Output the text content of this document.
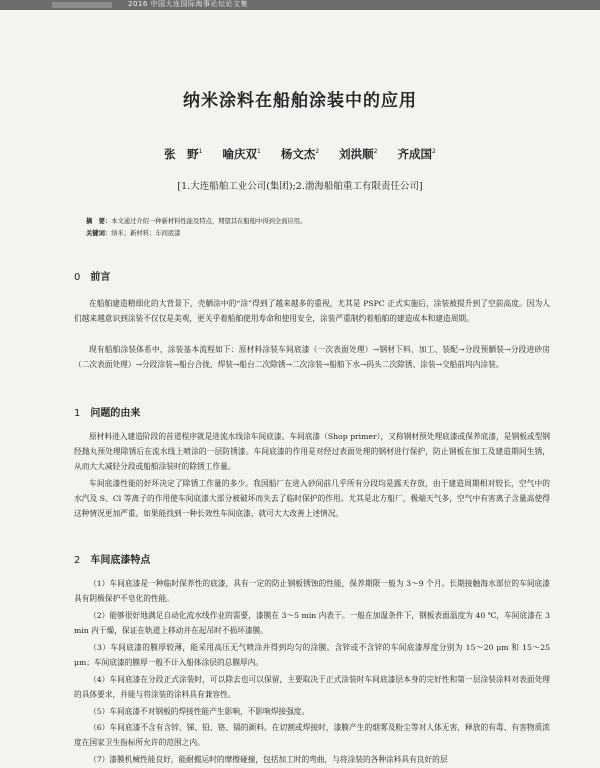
2016 中国大连国际海事论坛论文集
纳米涂料在船舶涂装中的应用
张　野$^1$ 喻庆双$^1$ 杨文杰$^2$ 刘洪顺$^2$ 齐成国$^2$
[1.大连船舶工业公司(集团);2.渤海船舶重工有限责任公司]
摘　要：本文通过介绍一种新材料性能及特点，期望其在船舶中得到全面应用。
关键词：纳米；新材料；车间底漆
0 前言
在船舶建造精细化的大背景下，壳舾涂中的“涂”得到了越来越多的重视，尤其是 PSPC 正式实施后，涂装被提升到了空前高度。因为人们越来越意识到涂装不仅仅是美观，更关乎着船舶使用寿命和使用安全，涂装严重制约着船舶的建造成本和建造周期。
现有船舶涂装体系中，涂装基本流程如下：原材料涂装车间底漆（一次表面处理）→钢材下料、加工、装配→分段预舾装→分段进砂房（二次表面处理）→分段涂装→船台合拢、焊装→船台二次除锈→二次涂装→船舶下水→码头二次除锈、涂装→交船前坞内涂装。
1 问题的由来
原材料进入建造阶段的首道程序就是进流水线涂车间底漆。车间底漆（Shop primer），又称钢材预处理底漆或保养底漆，是钢板或型钢经抛丸预处理除锈后在流水线上喷涂的一层防锈漆。车间底漆的作用是对经过表面处理的钢材进行保护，防止钢板在加工及建造期间生锈，从而大大减轻分段或船舶涂装时的除锈工作量。
车间底漆性能的好坏决定了除锈工作量的多少。我国船厂在进入砂间前几乎所有分段均是露天存放，由于建造周期相对较长，空气中的水汽及 S、Cl 等离子的作用使车间底漆大部分被破坏而失去了临时保护的作用。尤其是北方船厂，极端天气多，空气中有害离子含量高使得这种情况更加严重。如果能找到一种长效性车间底漆，就可大大改善上述情况。
2 车间底漆特点
（1）车间底漆是一种临时保养性的底漆，具有一定的防止钢板锈蚀的性能，保养期限一般为 3～9 个月。长期接触海水部位的车间底漆具有阴极保护不皂化的性能。
（2）能够很好地满足自动化流水线作业的需要，漆膜在 3～5 min 内表干。一般在加温条件下，钢板表面温度为 40 ℃，车间底漆在 3 min 内干燥，保证在轨道上移动并在起吊时不损坏漆膜。
（3）车间底漆的膜厚较薄，能采用高压无气喷涂并得到均匀的涂膜。含锌或不含锌的车间底漆厚度分别为 15～20 μm 和 15～25 μm；车间底漆的膜厚一般不计入船体涂层的总膜厚内。
（4）车间底漆在分段正式涂装时，可以除去也可以保留，主要取决于正式涂装时车间底漆层本身的完好性和第一层涂装涂料对表面处理的具体要求，并能与将涂装的涂料具有兼容性。
（5）车间底漆不对钢板的焊接性能产生影响，不影响焊接强度。
（6）车间底漆不含有含锌、锑、铅、铬、镉的颜料。在切割或焊接时，漆膜产生的烟雾及粉尘等对人体无害，释放的有毒、有害物质浓度在国家卫生指标所允许的范围之内。
（7）漆膜机械性能良好，能耐搬运时的摩擦碰撞，包括加工时的弯曲，与将涂装的各种涂料具有良好的层
